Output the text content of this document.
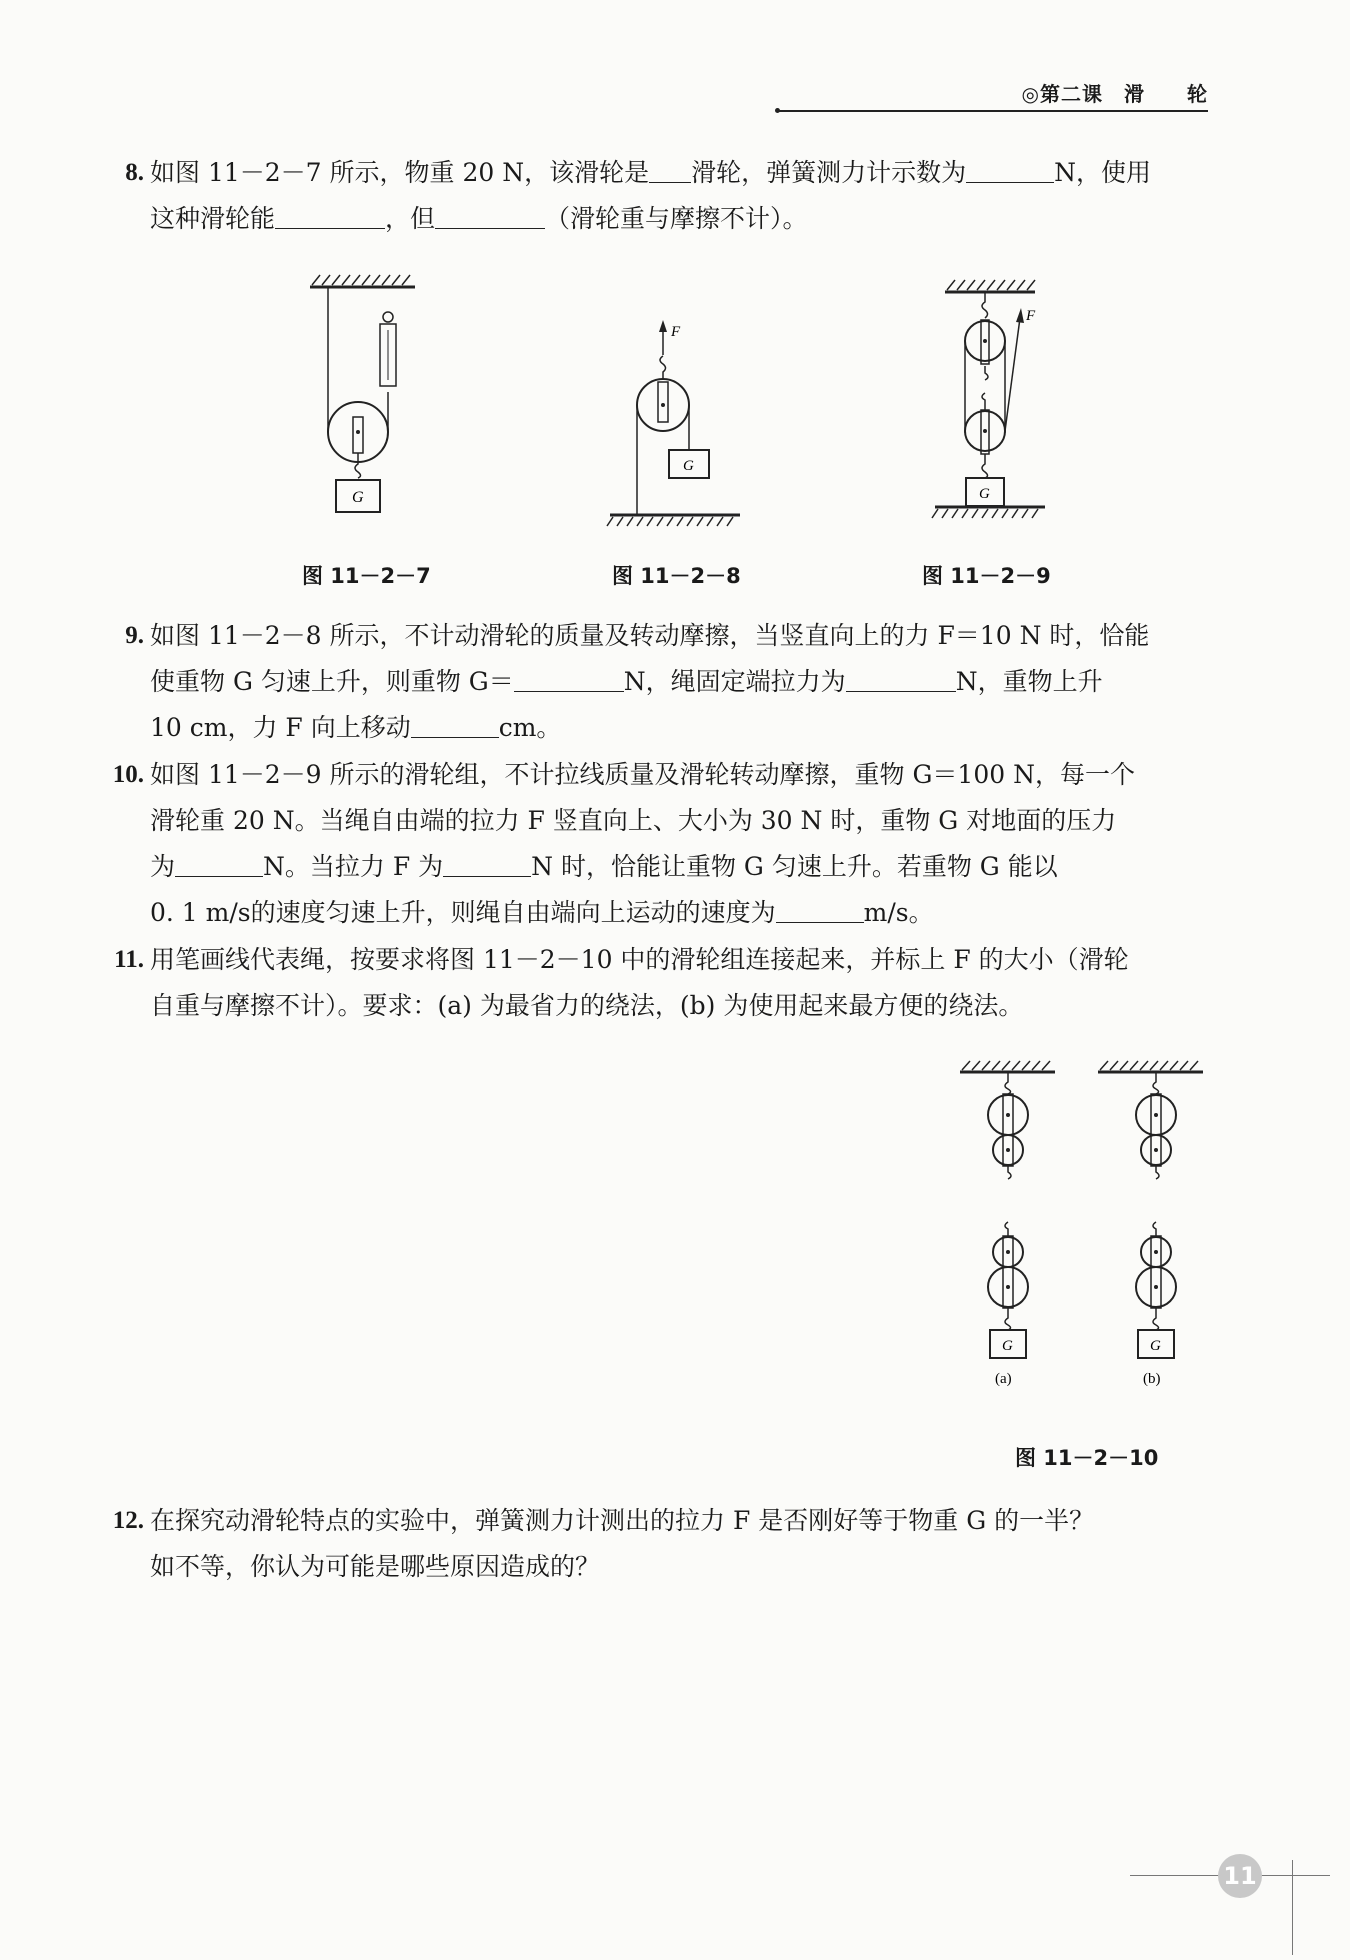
◎第二课　滑　　轮
8. 如图 11－2－7 所示，物重 20 N，该滑轮是 滑轮，弹簧测力计示数为	N，使用

这种滑轮能	，但	（滑轮重与摩擦不计）。

G
图 11－2－7
F
G
图 11－2－8
F
G
图 11－2－9
9. 如图 11－2－8 所示，不计动滑轮的质量及转动摩擦，当竖直向上的力 F＝10 N 时，恰能

使重物 G 匀速上升，则重物 G＝	N，绳固定端拉力为	N，重物上升

10 cm，力 F 向上移动	cm。

10. 如图 11－2－9 所示的滑轮组，不计拉线质量及滑轮转动摩擦，重物 G＝100 N，每一个

滑轮重 20 N。当绳自由端的拉力 F 竖直向上、大小为 30 N 时，重物 G 对地面的压力

为	N。当拉力 F 为	N 时，恰能让重物 G 匀速上升。若重物 G 能以

0. 1 m/s的速度匀速上升，则绳自由端向上运动的速度为	m/s。

11. 用笔画线代表绳，按要求将图 11－2－10 中的滑轮组连接起来，并标上 F 的大小（滑轮

自重与摩擦不计）。要求：(a) 为最省力的绕法，(b) 为使用起来最方便的绕法。

G
(a)
G
(b)
图 11－2－10
12. 在探究动滑轮特点的实验中，弹簧测力计测出的拉力 F 是否刚好等于物重 G 的一半？

如不等，你认为可能是哪些原因造成的？

11
